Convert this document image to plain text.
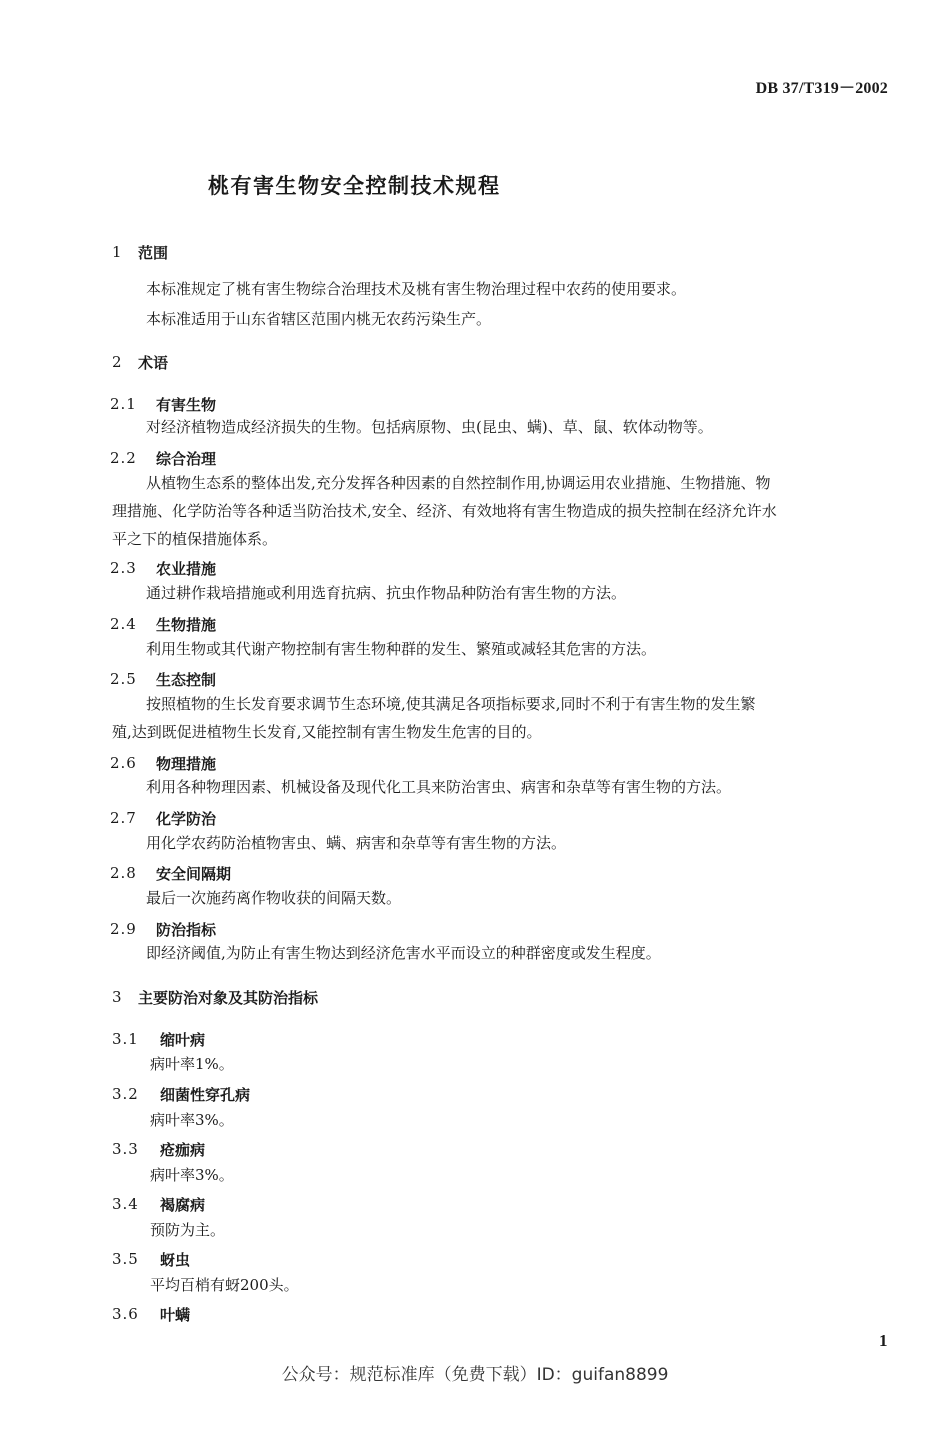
DB 37/T319－2002
桃有害生物安全控制技术规程
1 范围
本标准规定了桃有害生物综合治理技术及桃有害生物治理过程中农药的使用要求。
本标准适用于山东省辖区范围内桃无农药污染生产。
2 术语
2.1 有害生物
对经济植物造成经济损失的生物。包括病原物、虫(昆虫、螨)、草、鼠、软体动物等。
2.2 综合治理
从植物生态系的整体出发,充分发挥各种因素的自然控制作用,协调运用农业措施、生物措施、物
理措施、化学防治等各种适当防治技术,安全、经济、有效地将有害生物造成的损失控制在经济允许水
平之下的植保措施体系。
2.3 农业措施
通过耕作栽培措施或利用选育抗病、抗虫作物品种防治有害生物的方法。
2.4 生物措施
利用生物或其代谢产物控制有害生物种群的发生、繁殖或减轻其危害的方法。
2.5 生态控制
按照植物的生长发育要求调节生态环境,使其满足各项指标要求,同时不利于有害生物的发生繁
殖,达到既促进植物生长发育,又能控制有害生物发生危害的目的。
2.6 物理措施
利用各种物理因素、机械设备及现代化工具来防治害虫、病害和杂草等有害生物的方法。
2.7 化学防治
用化学农药防治植物害虫、螨、病害和杂草等有害生物的方法。
2.8 安全间隔期
最后一次施药离作物收获的间隔天数。
2.9 防治指标
即经济阈值,为防止有害生物达到经济危害水平而设立的种群密度或发生程度。
3 主要防治对象及其防治指标
3.1 缩叶病
病叶率1%。
3.2 细菌性穿孔病
病叶率3%。
3.3 疮痂病
病叶率3%。
3.4 褐腐病
预防为主。
3.5 蚜虫
平均百梢有蚜200头。
3.6 叶螨
1
公众号：规范标准库（免费下载）ID：guifan8899
